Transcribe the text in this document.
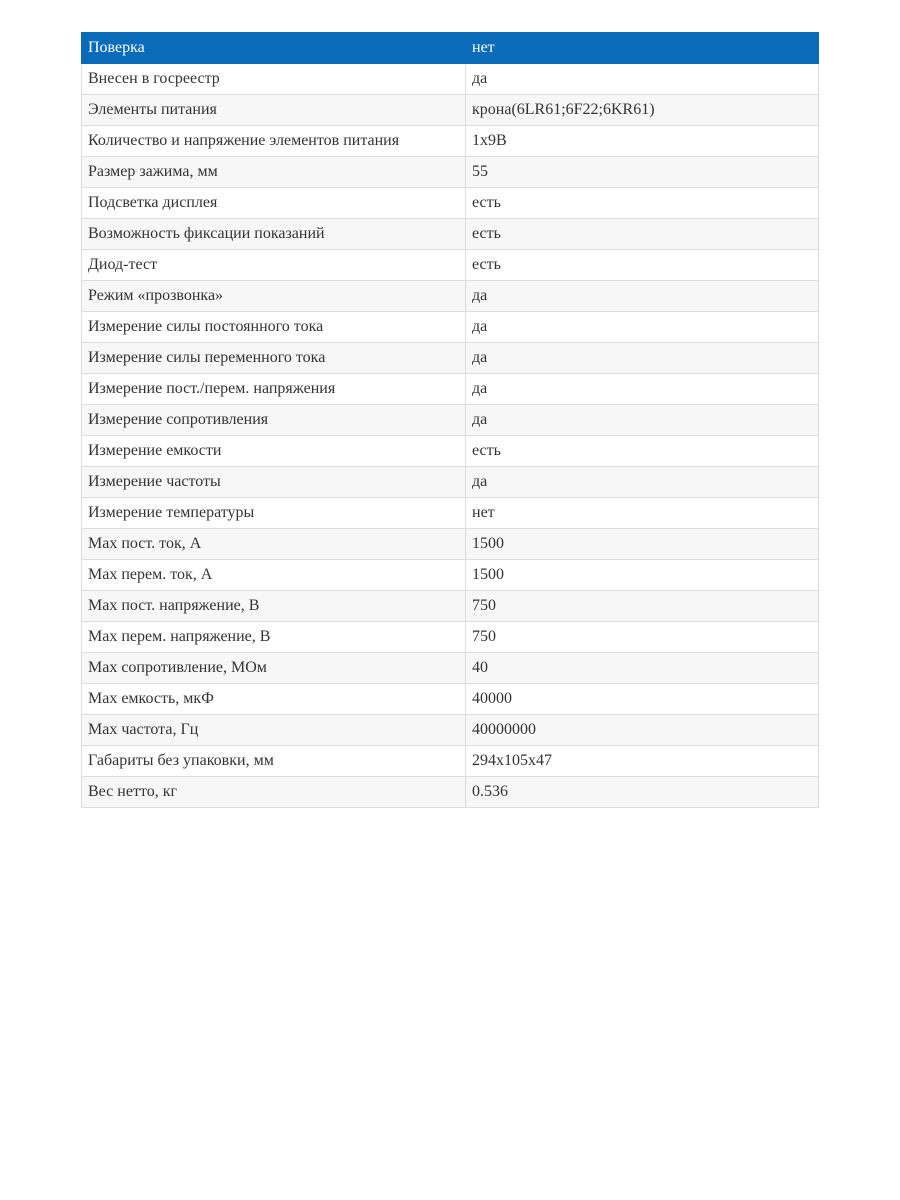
Поверка	нет
Внесен в госреестр	да
Элементы питания	крона(6LR61;6F22;6KR61)
Количество и напряжение элементов питания	1x9В
Размер зажима, мм	55
Подсветка дисплея	есть
Возможность фиксации показаний	есть
Диод-тест	есть
Режим «прозвонка»	да
Измерение силы постоянного тока	да
Измерение силы переменного тока	да
Измерение пост./перем. напряжения	да
Измерение сопротивления	да
Измерение емкости	есть
Измерение частоты	да
Измерение температуры	нет
Max пост. ток, А	1500
Max перем. ток, А	1500
Max пост. напряжение, В	750
Max перем. напряжение, В	750
Max сопротивление, МОм	40
Max емкость, мкФ	40000
Max частота, Гц	40000000
Габариты без упаковки, мм	294x105x47
Вес нетто, кг	0.536
